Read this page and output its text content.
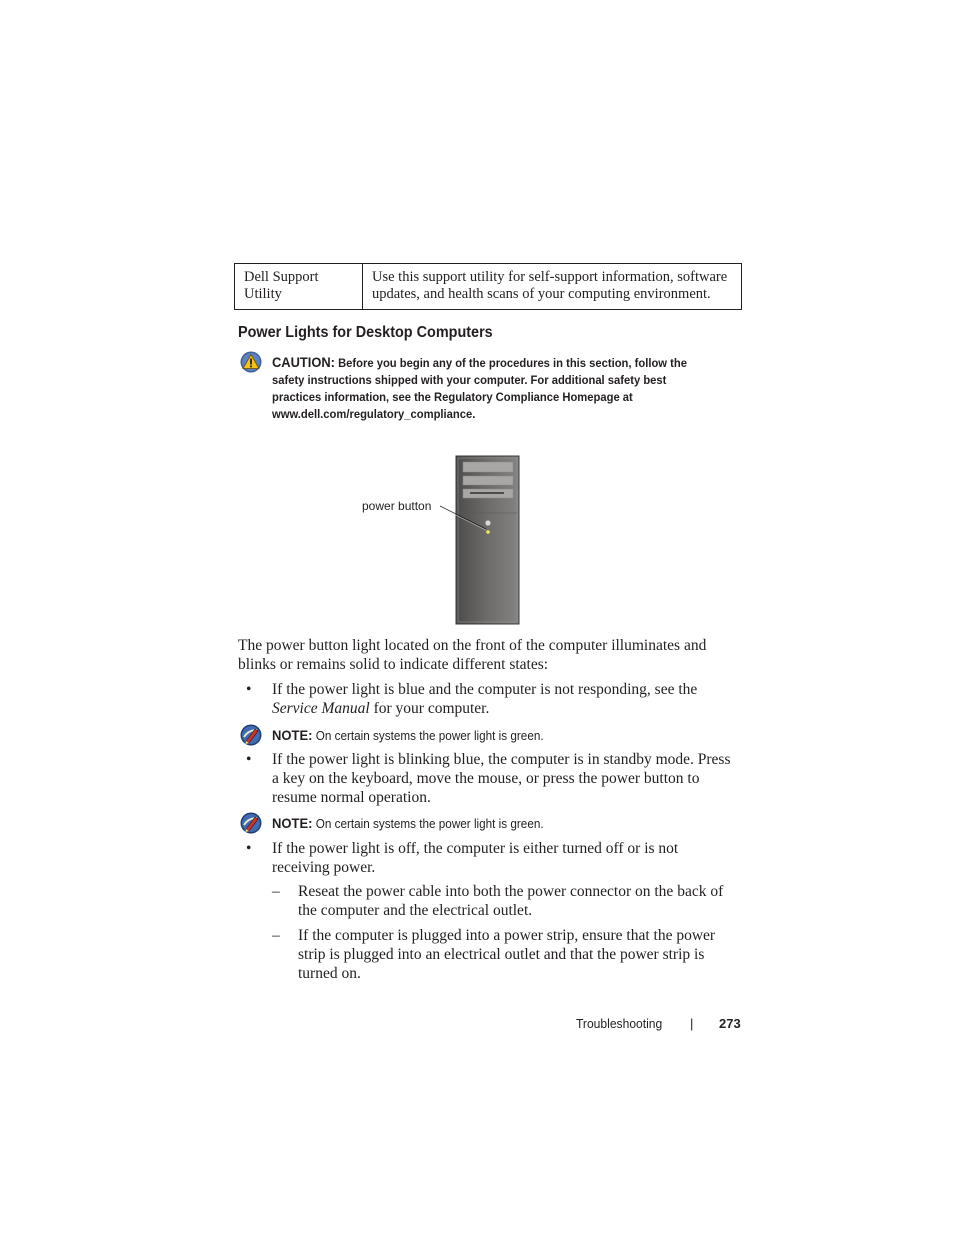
Dell Support Utility	Use this support utility for self-support information, software updates, and health scans of your computing environment.
Power Lights for Desktop Computers
CAUTION: Before you begin any of the procedures in this section, follow the safety instructions shipped with your computer. For additional safety best practices information, see the Regulatory Compliance Homepage at www.dell.com/regulatory_compliance.
power button
The power button light located on the front of the computer illuminates and blinks or remains solid to indicate different states:
• If the power light is blue and the computer is not responding, see the Service Manual for your computer.
NOTE: On certain systems the power light is green.
• If the power light is blinking blue, the computer is in standby mode. Press a key on the keyboard, move the mouse, or press the power button to resume normal operation.
NOTE: On certain systems the power light is green.
• If the power light is off, the computer is either turned off or is not receiving power.
– Reseat the power cable into both the power connector on the back of the computer and the electrical outlet.
– If the computer is plugged into a power strip, ensure that the power strip is plugged into an electrical outlet and that the power strip is turned on.
Troubleshooting | 273
